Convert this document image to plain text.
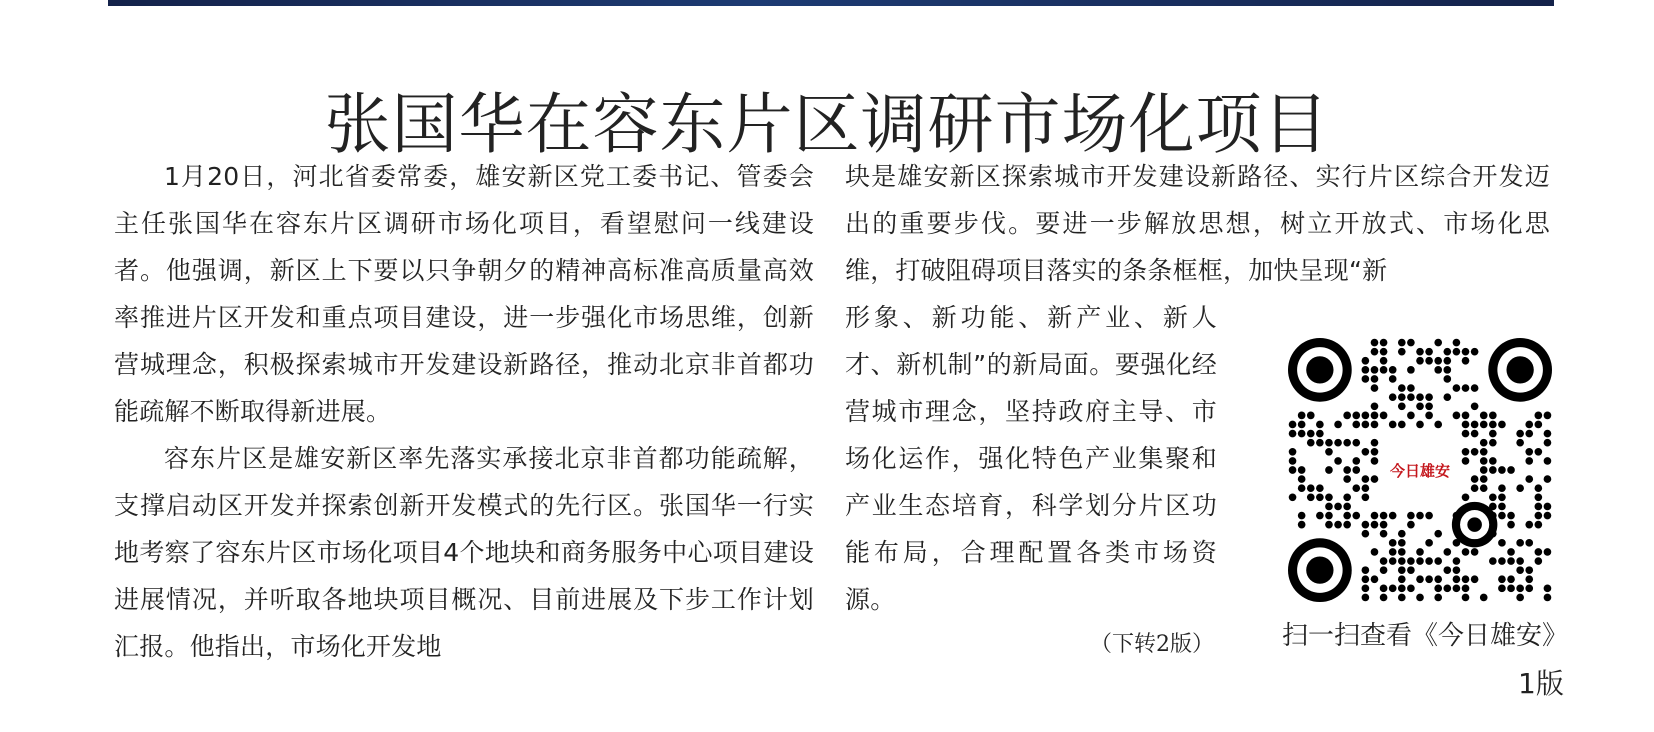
张国华在容东片区调研市场化项目

1月20日，河北省委常委，雄安新区党工委书记、管委会主任张国华在容东片区调研市场化项目，看望慰问一线建设者。他强调，新区上下要以只争朝夕的精神高标准高质量高效率推进片区开发和重点项目建设，进一步强化市场思维，创新营城理念，积极探索城市开发建设新路径，推动北京非首都功能疏解不断取得新进展。

容东片区是雄安新区率先落实承接北京非首都功能疏解，支撑启动区开发并探索创新开发模式的先行区。张国华一行实地考察了容东片区市场化项目4个地块和商务服务中心项目建设进展情况，并听取各地块项目概况、目前进展及下步工作计划汇报。他指出，市场化开发地

块是雄安新区探索城市开发建设新路径、实行片区综合开发迈出的重要步伐。要进一步解放思想，树立开放式、市场化思维，打破阻碍项目落实的条条框框，加快呈现“新

形象、新功能、新产业、新人才、新机制”的新局面。要强化经营城市理念，坚持政府主导、市场化运作，强化特色产业集聚和产业生态培育，科学划分片区功能布局，合理配置各类市场资源。

（下转2版）
今日雄安
扫一扫查看《今日雄安》
1版
